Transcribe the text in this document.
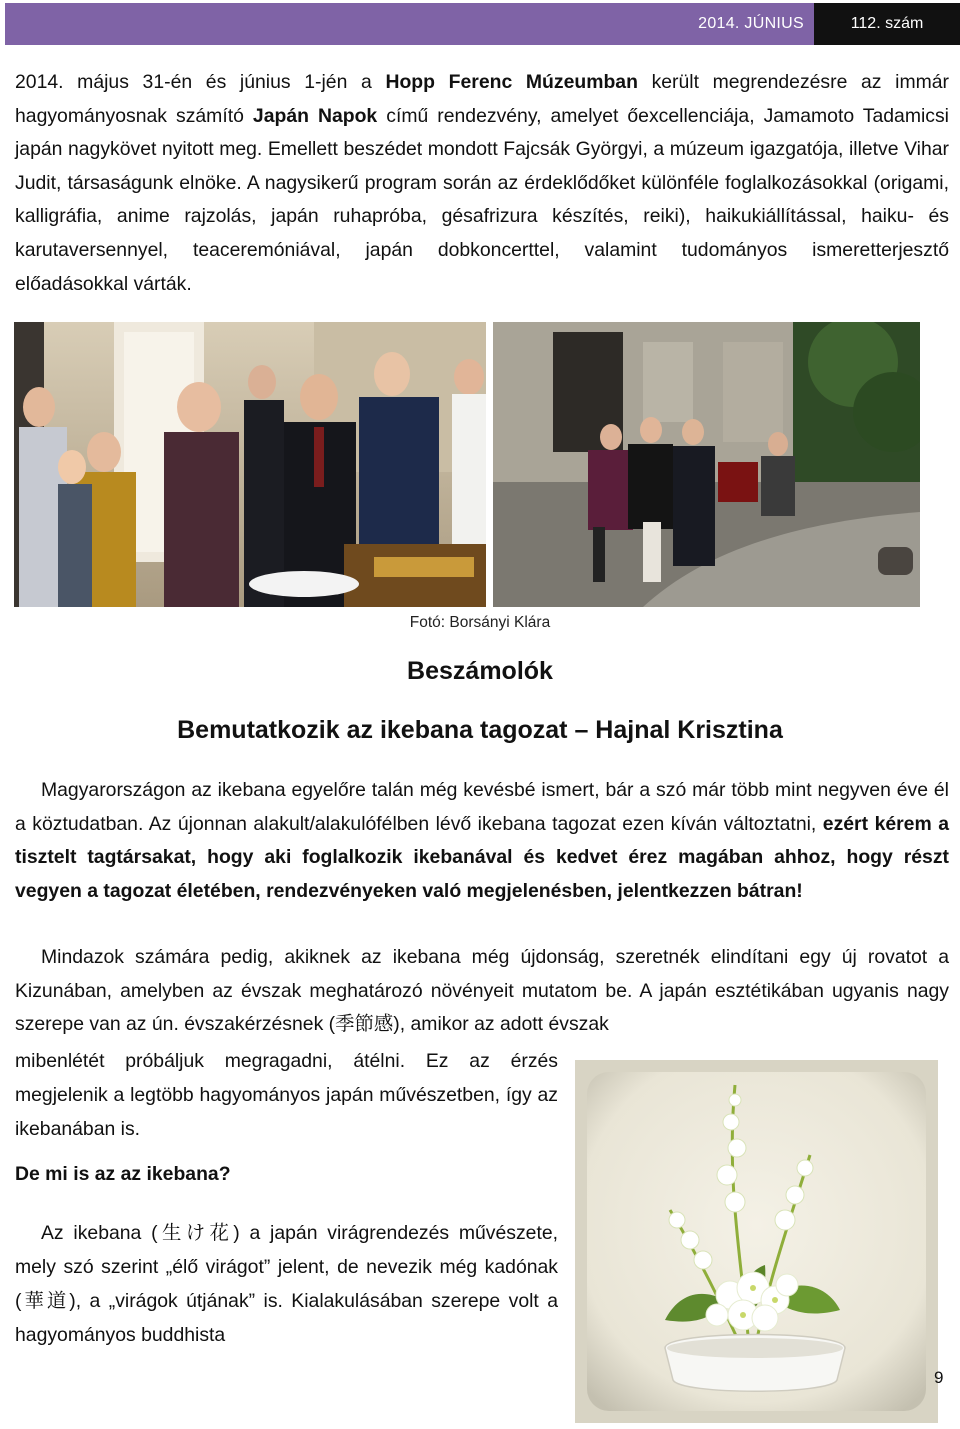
2014. JÚNIUS	112. szám
2014. május 31-én és június 1-jén a Hopp Ferenc Múzeumban került megrendezésre az immár hagyományosnak számító Japán Napok című rendezvény, amelyet őexcellenciája, Jamamoto Tadamicsi japán nagykövet nyitott meg. Emellett beszédet mondott Fajcsák Györgyi, a múzeum igazgatója, illetve Vihar Judit, társaságunk elnöke. A nagysikerű program során az érdeklődőket különféle foglalkozásokkal (origami, kalligráfia, anime rajzolás, japán ruhapróba, gésafrizura készítés, reiki), haikukiállítással, haiku- és karutaversennyel, teaceremóniával, japán dobkoncerttel, valamint tudományos ismeretterjesztő előadásokkal várták.
Fotó: Borsányi Klára
Beszámolók
Bemutatkozik az ikebana tagozat – Hajnal Krisztina
Magyarországon az ikebana egyelőre talán még kevésbé ismert, bár a szó már több mint negyven éve él a köztudatban. Az újonnan alakult/alakulófélben lévő ikebana tagozat ezen kíván változtatni, ezért kérem a tisztelt tagtársakat, hogy aki foglalkozik ikebanával és kedvet érez magában ahhoz, hogy részt vegyen a tagozat életében, rendezvényeken való megjelenésben, jelentkezzen bátran!
Mindazok számára pedig, akiknek az ikebana még újdonság, szeretnék elindítani egy új rovatot a Kizunában, amelyben az évszak meghatározó növényeit mutatom be. A japán esztétikában ugyanis nagy szerepe van az ún. évszakérzésnek (季節感), amikor az adott évszak
mibenlétét próbáljuk megragadni, átélni. Ez az érzés megjelenik a legtöbb hagyományos japán művészetben, így az ikebanában is.
De mi is az az ikebana?
Az ikebana (生け花) a japán virágrendezés művészete, mely szó szerint „élő virágot” jelent, de nevezik még kadónak (華道), a „virágok útjának” is. Kialakulásában szerepe volt a hagyományos buddhista
9
